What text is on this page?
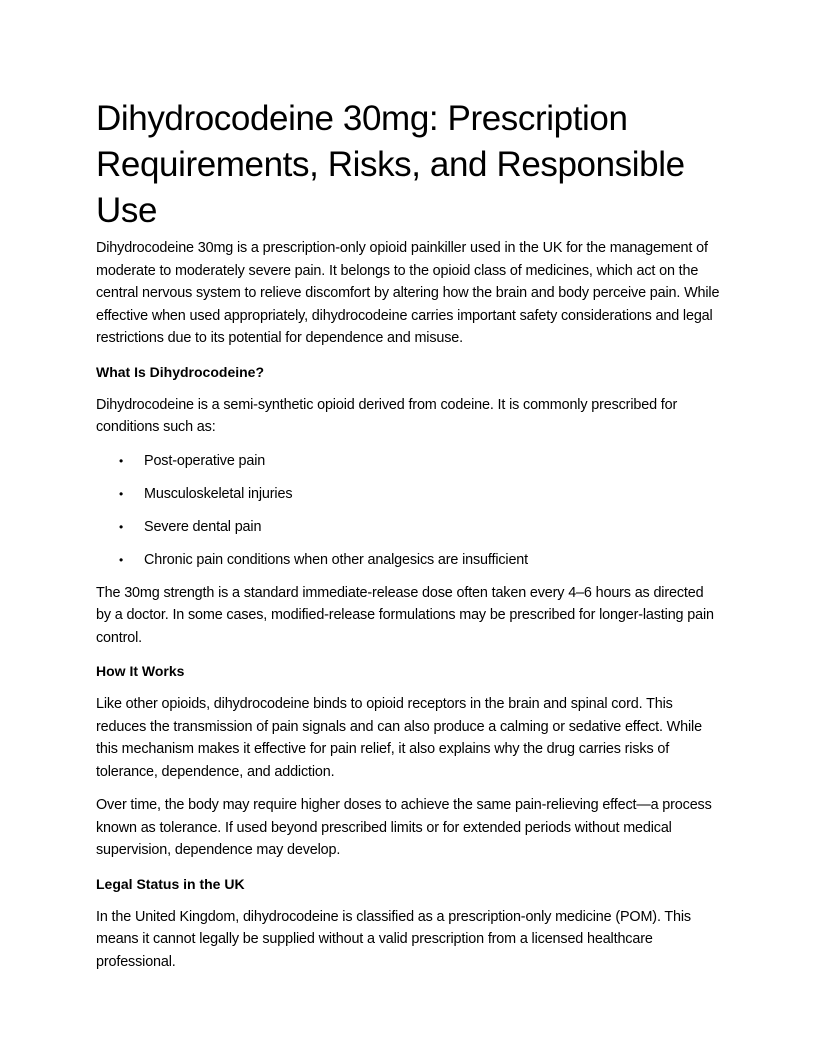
Dihydrocodeine 30mg: Prescription Requirements, Risks, and Responsible Use

Dihydrocodeine 30mg is a prescription-only opioid painkiller used in the UK for the management of moderate to moderately severe pain. It belongs to the opioid class of medicines, which act on the central nervous system to relieve discomfort by altering how the brain and body perceive pain. While effective when used appropriately, dihydrocodeine carries important safety considerations and legal restrictions due to its potential for dependence and misuse.

What Is Dihydrocodeine?

Dihydrocodeine is a semi-synthetic opioid derived from codeine. It is commonly prescribed for conditions such as:

• Post-operative pain
• Musculoskeletal injuries
• Severe dental pain
• Chronic pain conditions when other analgesics are insufficient

The 30mg strength is a standard immediate-release dose often taken every 4–6 hours as directed by a doctor. In some cases, modified-release formulations may be prescribed for longer-lasting pain control.

How It Works

Like other opioids, dihydrocodeine binds to opioid receptors in the brain and spinal cord. This reduces the transmission of pain signals and can also produce a calming or sedative effect. While this mechanism makes it effective for pain relief, it also explains why the drug carries risks of tolerance, dependence, and addiction.

Over time, the body may require higher doses to achieve the same pain-relieving effect—a process known as tolerance. If used beyond prescribed limits or for extended periods without medical supervision, dependence may develop.

Legal Status in the UK

In the United Kingdom, dihydrocodeine is classified as a prescription-only medicine (POM). This means it cannot legally be supplied without a valid prescription from a licensed healthcare professional.
